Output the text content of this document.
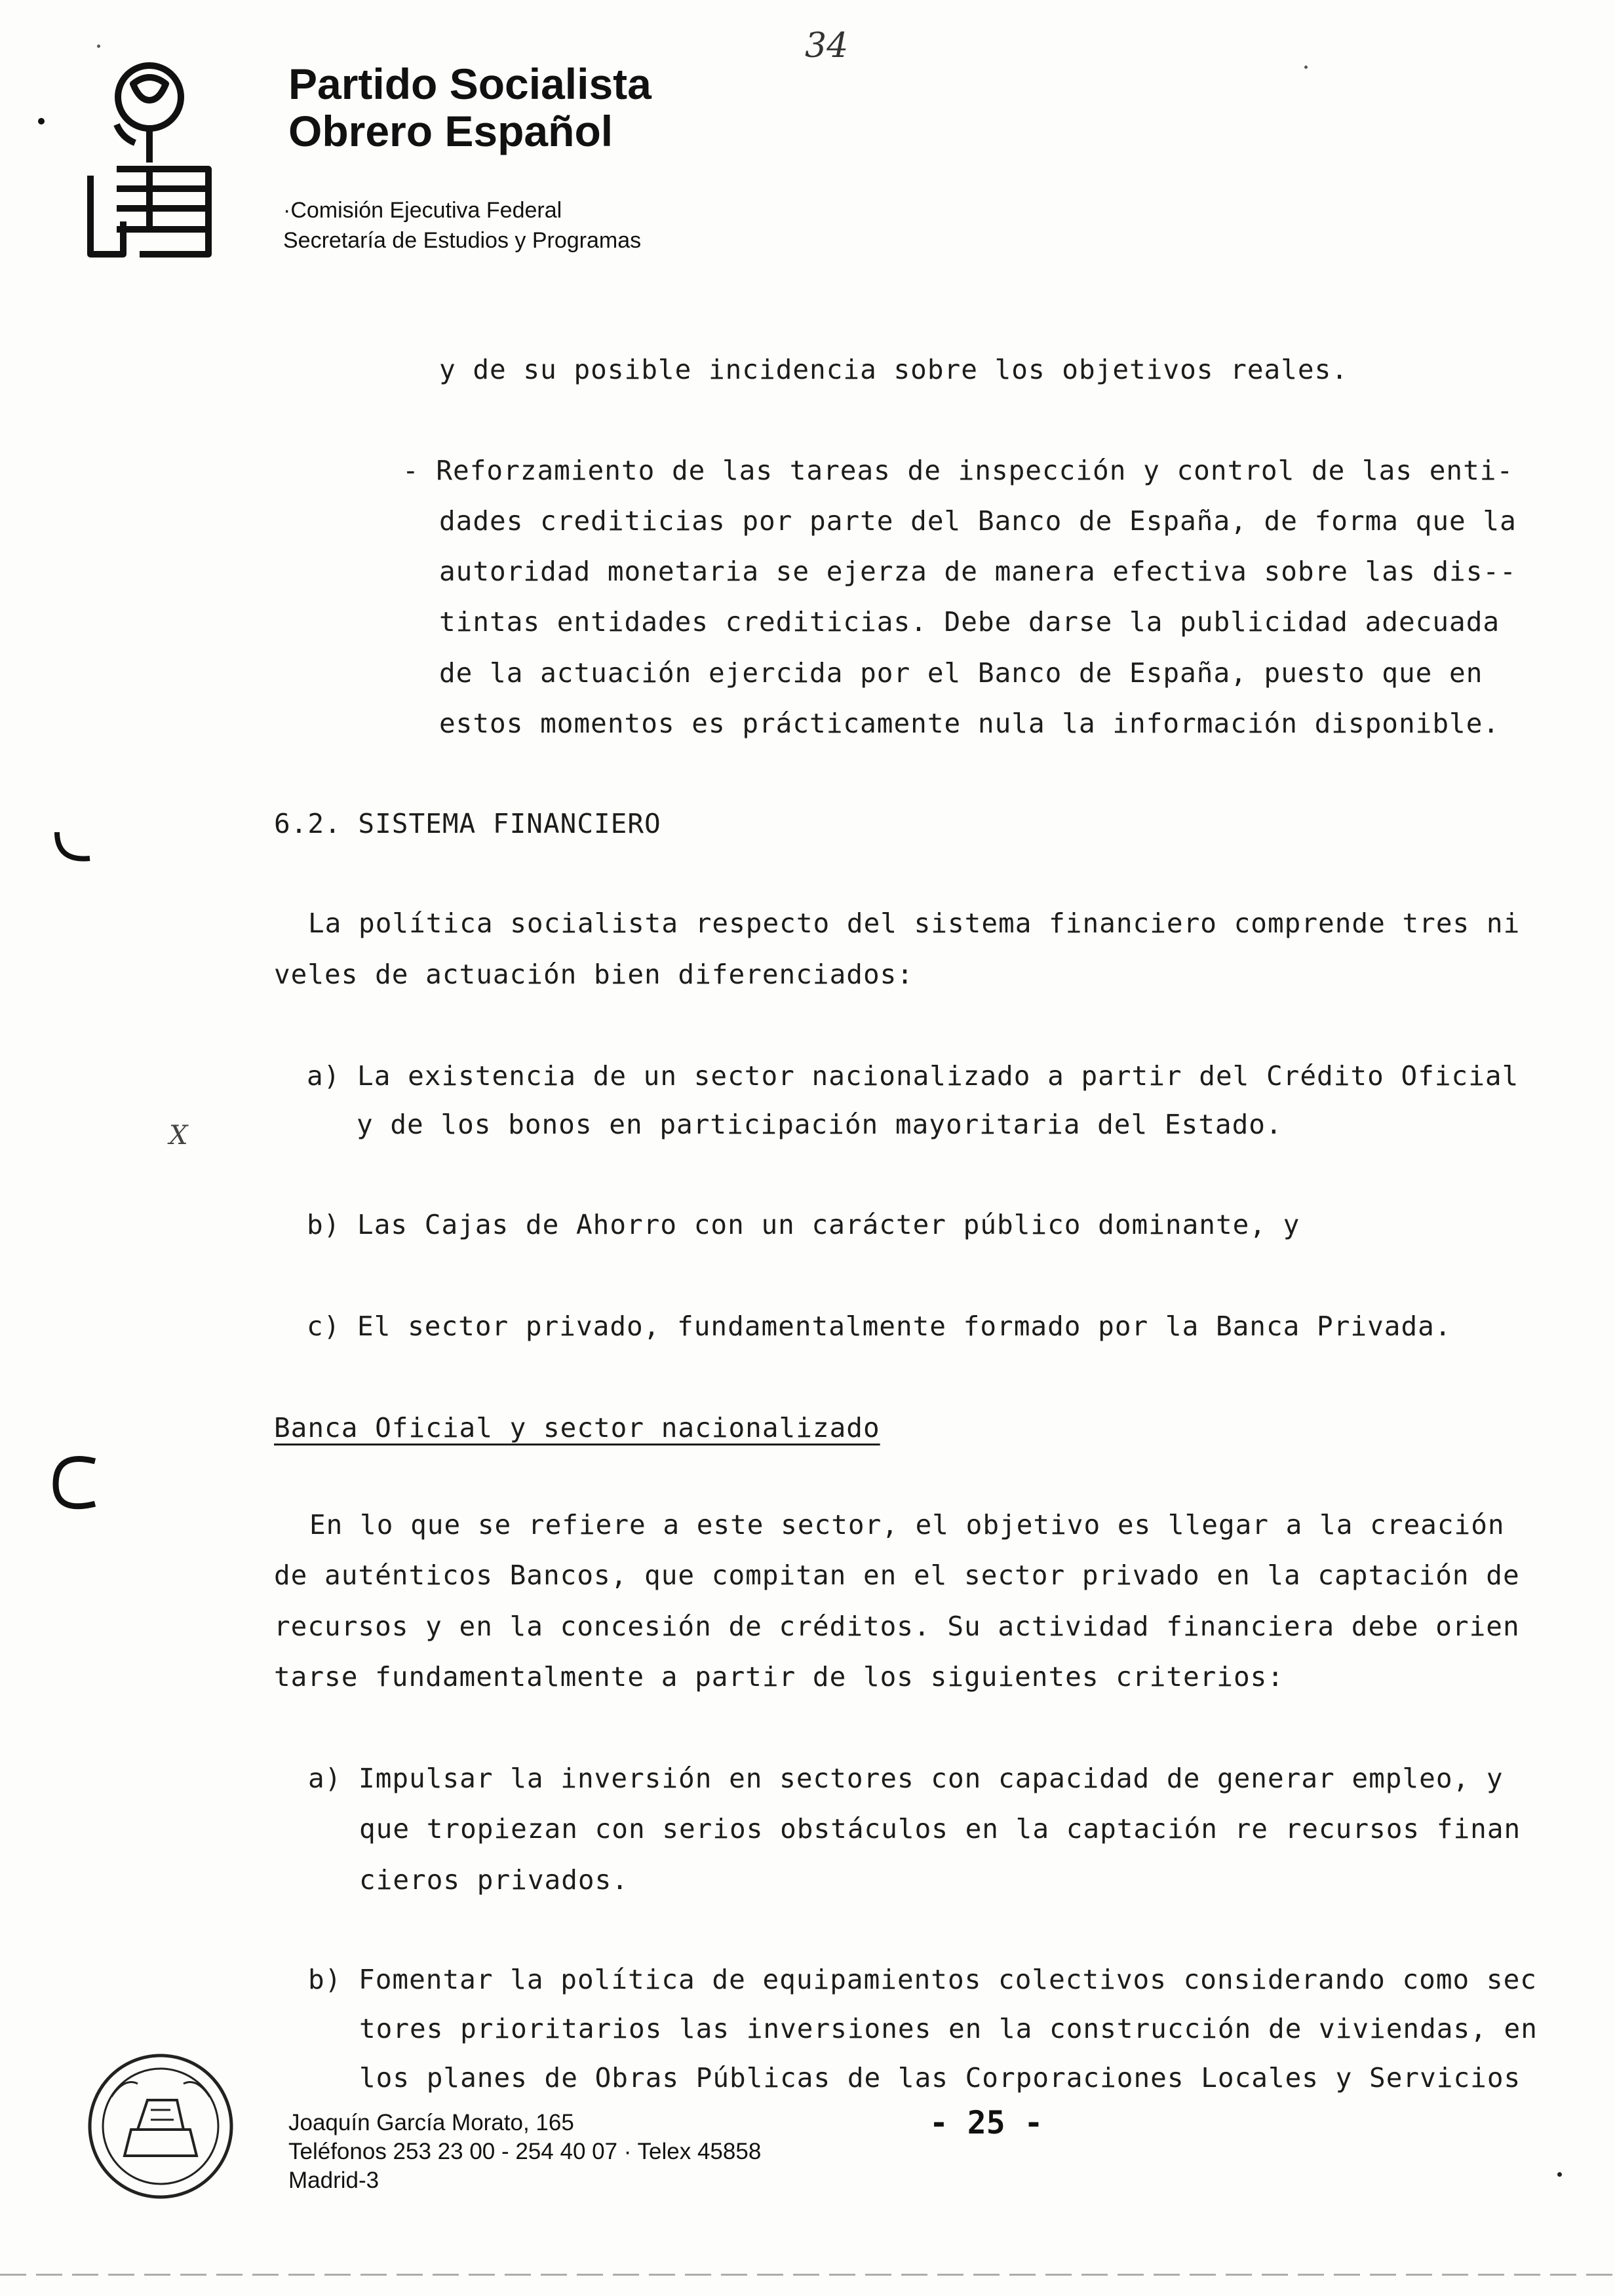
Partido Socialista
Obrero Español
·Comisión Ejecutiva Federal
Secretaría de Estudios y Programas
34
y de su posible incidencia sobre los objetivos reales.
- Reforzamiento de las tareas de inspección y control de las enti-
dades crediticias por parte del Banco de España, de forma que la
autoridad monetaria se ejerza de manera efectiva sobre las dis--
tintas entidades crediticias. Debe darse la publicidad adecuada
de la actuación ejercida por el Banco de España, puesto que en
estos momentos es prácticamente nula la información disponible.
6.2. SISTEMA FINANCIERO
La política socialista respecto del sistema financiero comprende tres ni
veles de actuación bien diferenciados:
a) La existencia de un sector nacionalizado a partir del Crédito Oficial
y de los bonos en participación mayoritaria del Estado.
b) Las Cajas de Ahorro con un carácter público dominante, y
c) El sector privado, fundamentalmente formado por la Banca Privada.
Banca Oficial y sector nacionalizado
En lo que se refiere a este sector, el objetivo es llegar a la creación
de auténticos Bancos, que compitan en el sector privado en la captación de
recursos y en la concesión de créditos. Su actividad financiera debe orien
tarse fundamentalmente a partir de los siguientes criterios:
a) Impulsar la inversión en sectores con capacidad de generar empleo, y
que tropiezan con serios obstáculos en la captación re recursos finan
cieros privados.
b) Fomentar la política de equipamientos colectivos considerando como sec
tores prioritarios las inversiones en la construcción de viviendas, en
los planes de Obras Públicas de las Corporaciones Locales y Servicios
X
Joaquín García Morato, 165
Teléfonos 253 23 00 - 254 40 07 · Telex 45858
Madrid-3
- 25 -
